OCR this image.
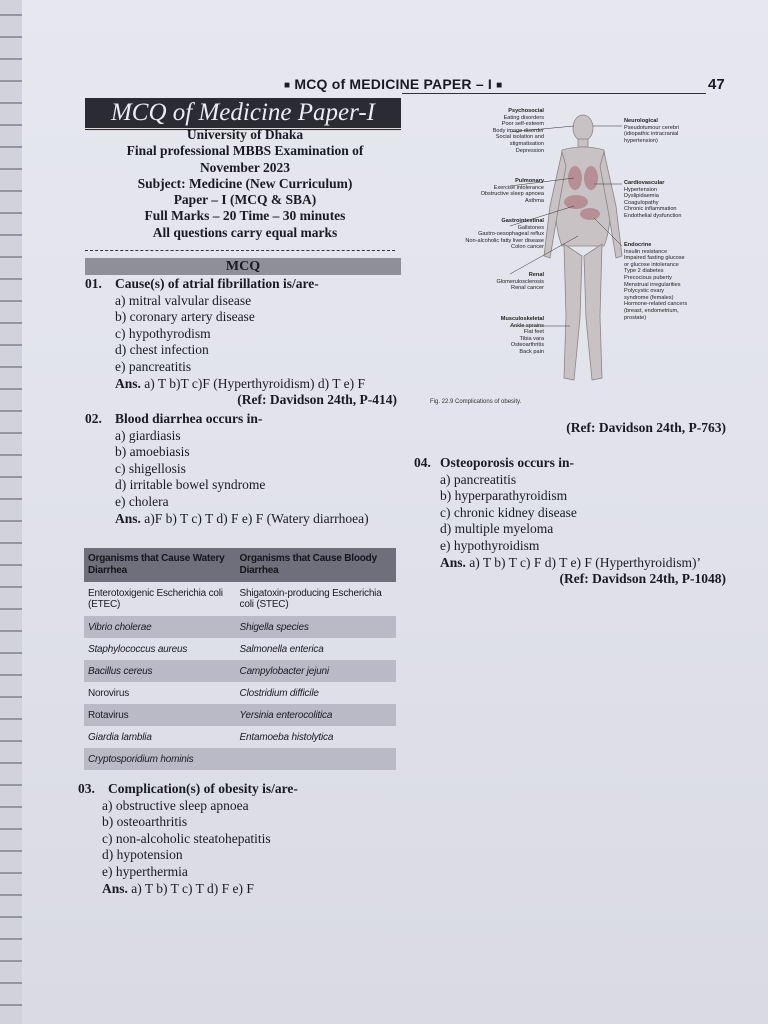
■ MCQ of MEDICINE PAPER – I ■	47
MCQ of Medicine Paper-I
University of Dhaka
Final professional MBBS Examination of
November 2023
Subject: Medicine (New Curriculum)
Paper – I (MCQ & SBA)
Full Marks – 20 Time – 30 minutes
All questions carry equal marks
MCQ
01. Cause(s) of atrial fibrillation is/are-
a) mitral valvular disease
b) coronary artery disease
c) hypothyrodism
d) chest infection
e) pancreatitis
Ans. a) T b)T c)F (Hyperthyroidism) d) T e) F
(Ref: Davidson 24th, P-414)
02. Blood diarrhea occurs in-
a) giardiasis
b) amoebiasis
c) shigellosis
d) irritable bowel syndrome
e) cholera
Ans. a)F b) T c) T d) F e) F (Watery diarrhoea)
Organisms that Cause Watery Diarrhea	Organisms that Cause Bloody Diarrhea
Enterotoxigenic Escherichia coli (ETEC)	Shigatoxin-producing Escherichia coli (STEC)
Vibrio cholerae	Shigella species
Staphylococcus aureus	Salmonella enterica
Bacillus cereus	Campylobacter jejuni
Norovirus	Clostridium difficile
Rotavirus	Yersinia enterocolitica
Giardia lamblia	Entamoeba histolytica
Cryptosporidium hominis	
03. Complication(s) of obesity is/are-
a) obstructive sleep apnoea
b) osteoarthritis
c) non-alcoholic steatohepatitis
d) hypotension
e) hyperthermia
Ans. a) T b) T c) T d) F e) F
Psychosocial
Eating disorders
Poor self-esteem
Body image disorder
Social isolation and stigmatisation
Depression
Pulmonary
Exercise intolerance
Obstructive sleep apnoea
Asthma
Gastrointestinal
Gallstones
Gastro-oesophageal reflux
Non-alcoholic fatty liver disease
Colon cancer
Renal
Glomerulosclerosis
Renal cancer
Musculoskeletal
Ankle sprains
Flat feet
Tibia vara
Osteoarthritis
Back pain
Neurological
Pseudotumour cerebri
(idiopathic intracranial
hypertension)
Cardiovascular
Hypertension
Dyslipidaemia
Coagulopathy
Chronic inflammation
Endothelial dysfunction
Endocrine
Insulin resistance
Impaired fasting glucose
or glucose intolerance
Type 2 diabetes
Precocious puberty
Menstrual irregularities
Polycystic ovary
syndrome (females)
Hormone-related cancers
(breast, endometrium, prostate)
Fig. 22.9 Complications of obesity.
(Ref: Davidson 24th, P-763)
04. Osteoporosis occurs in-
a) pancreatitis
b) hyperparathyroidism
c) chronic kidney disease
d) multiple myeloma
e) hypothyroidism
Ans. a) T b) T c) F d) T e) F (Hyperthyroidism)’
(Ref: Davidson 24th, P-1048)
